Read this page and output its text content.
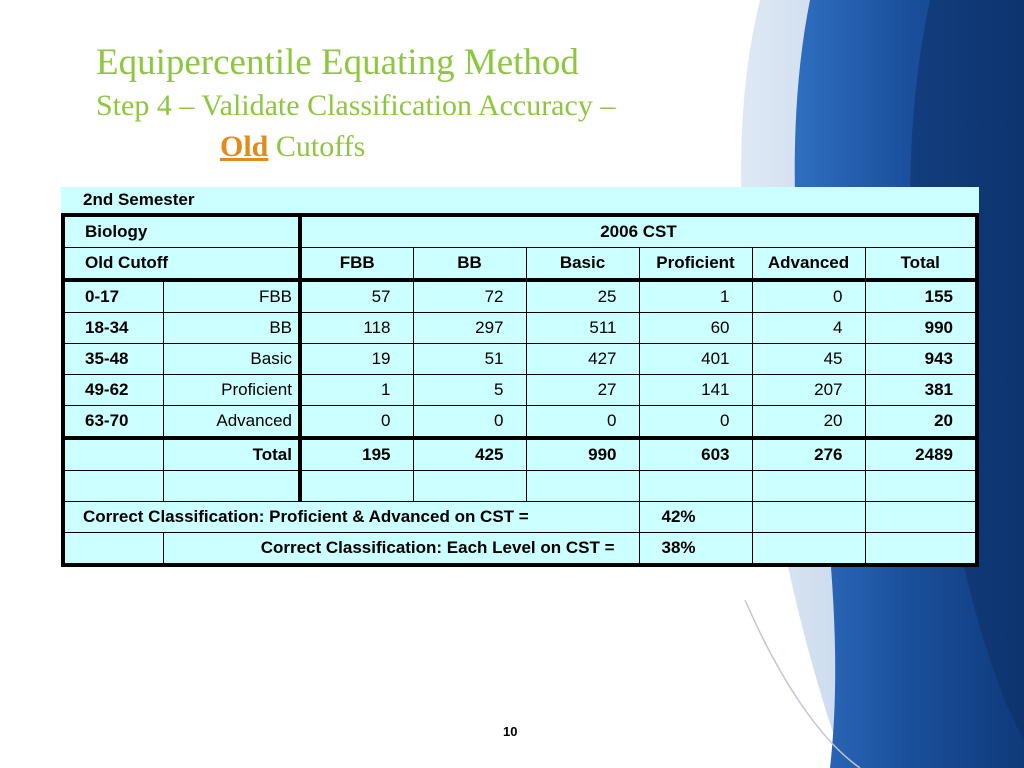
Equipercentile Equating Method
Step 4 – Validate Classification Accuracy –
Old Cutoffs
2nd Semester							
Biology		2006 CST					
Old Cutoff		FBB	BB	Basic	Proficient	Advanced	Total
0-17	FBB	57	72	25	1	0	155
18-34	BB	118	297	511	60	4	990
35-48	Basic	19	51	427	401	45	943
49-62	Proficient	1	5	27	141	207	381
63-70	Advanced	0	0	0	0	20	20
	Total	195	425	990	603	276	2489

Correct Classification: Proficient & Advanced on CST =					42%		
	Correct Classification: Each Level on CST =				38%		
10
